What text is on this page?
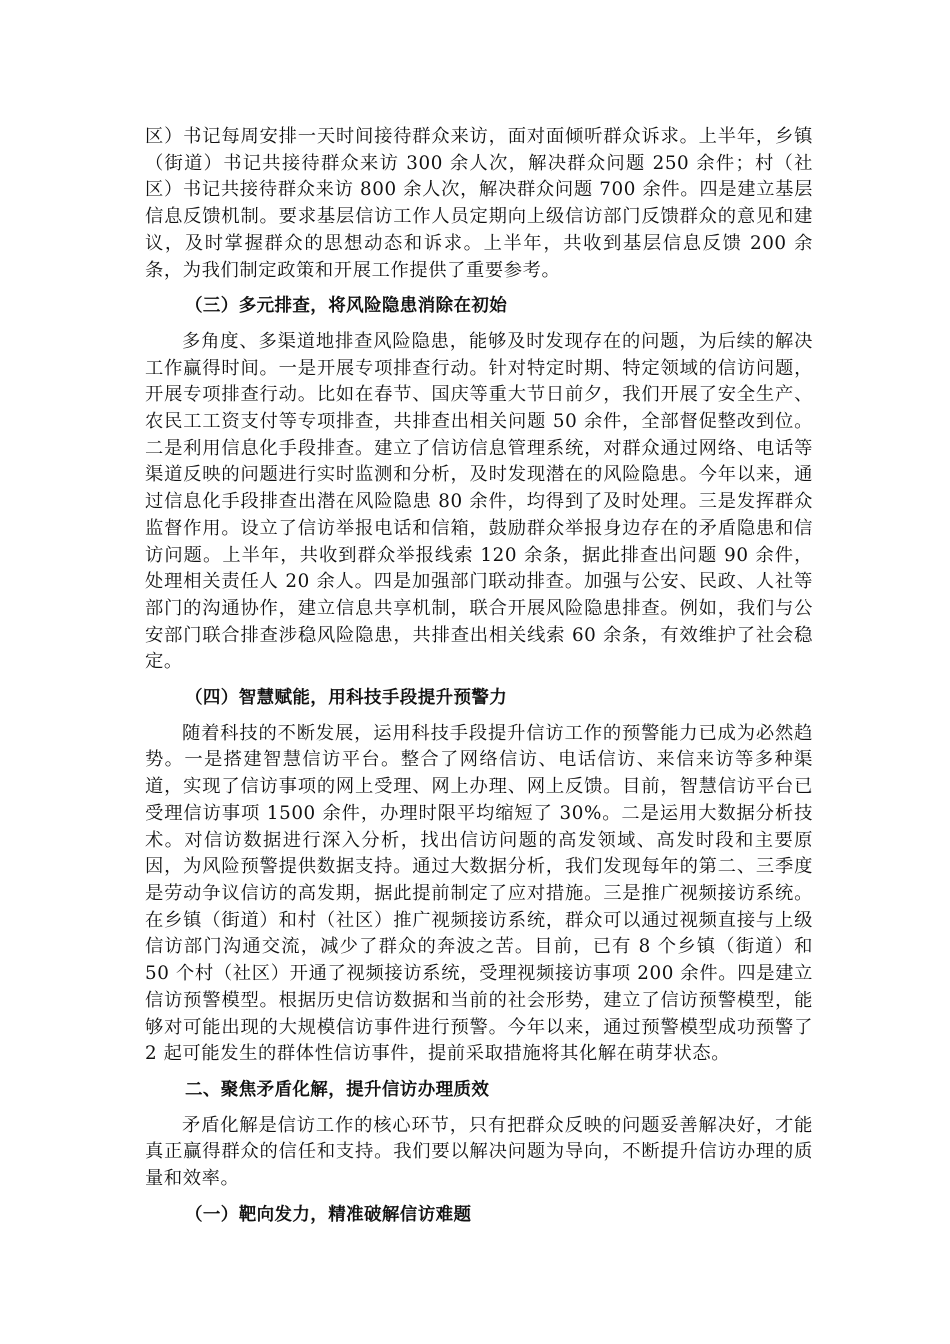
区）书记每周安排一天时间接待群众来访，面对面倾听群众诉求。上半年，乡镇（街道）书记共接待群众来访 300 余人次，解决群众问题 250 余件；村（社区）书记共接待群众来访 800 余人次，解决群众问题 700 余件。四是建立基层信息反馈机制。要求基层信访工作人员定期向上级信访部门反馈群众的意见和建议，及时掌握群众的思想动态和诉求。上半年，共收到基层信息反馈 200 余条，为我们制定政策和开展工作提供了重要参考。

（三）多元排查，将风险隐患消除在初始

多角度、多渠道地排查风险隐患，能够及时发现存在的问题，为后续的解决工作赢得时间。一是开展专项排查行动。针对特定时期、特定领域的信访问题，开展专项排查行动。比如在春节、国庆等重大节日前夕，我们开展了安全生产、农民工工资支付等专项排查，共排查出相关问题 50 余件，全部督促整改到位。二是利用信息化手段排查。建立了信访信息管理系统，对群众通过网络、电话等渠道反映的问题进行实时监测和分析，及时发现潜在的风险隐患。今年以来，通过信息化手段排查出潜在风险隐患 80 余件，均得到了及时处理。三是发挥群众监督作用。设立了信访举报电话和信箱，鼓励群众举报身边存在的矛盾隐患和信访问题。上半年，共收到群众举报线索 120 余条，据此排查出问题 90 余件，处理相关责任人 20 余人。四是加强部门联动排查。加强与公安、民政、人社等部门的沟通协作，建立信息共享机制，联合开展风险隐患排查。例如，我们与公安部门联合排查涉稳风险隐患，共排查出相关线索 60 余条，有效维护了社会稳定。

（四）智慧赋能，用科技手段提升预警力

随着科技的不断发展，运用科技手段提升信访工作的预警能力已成为必然趋势。一是搭建智慧信访平台。整合了网络信访、电话信访、来信来访等多种渠道，实现了信访事项的网上受理、网上办理、网上反馈。目前，智慧信访平台已受理信访事项 1500 余件，办理时限平均缩短了 30%。二是运用大数据分析技术。对信访数据进行深入分析，找出信访问题的高发领域、高发时段和主要原因，为风险预警提供数据支持。通过大数据分析，我们发现每年的第二、三季度是劳动争议信访的高发期，据此提前制定了应对措施。三是推广视频接访系统。在乡镇（街道）和村（社区）推广视频接访系统，群众可以通过视频直接与上级信访部门沟通交流，减少了群众的奔波之苦。目前，已有 8 个乡镇（街道）和 50 个村（社区）开通了视频接访系统，受理视频接访事项 200 余件。四是建立信访预警模型。根据历史信访数据和当前的社会形势，建立了信访预警模型，能够对可能出现的大规模信访事件进行预警。今年以来，通过预警模型成功预警了 2 起可能发生的群体性信访事件，提前采取措施将其化解在萌芽状态。

二、聚焦矛盾化解，提升信访办理质效

矛盾化解是信访工作的核心环节，只有把群众反映的问题妥善解决好，才能真正赢得群众的信任和支持。我们要以解决问题为导向，不断提升信访办理的质量和效率。

（一）靶向发力，精准破解信访难题
